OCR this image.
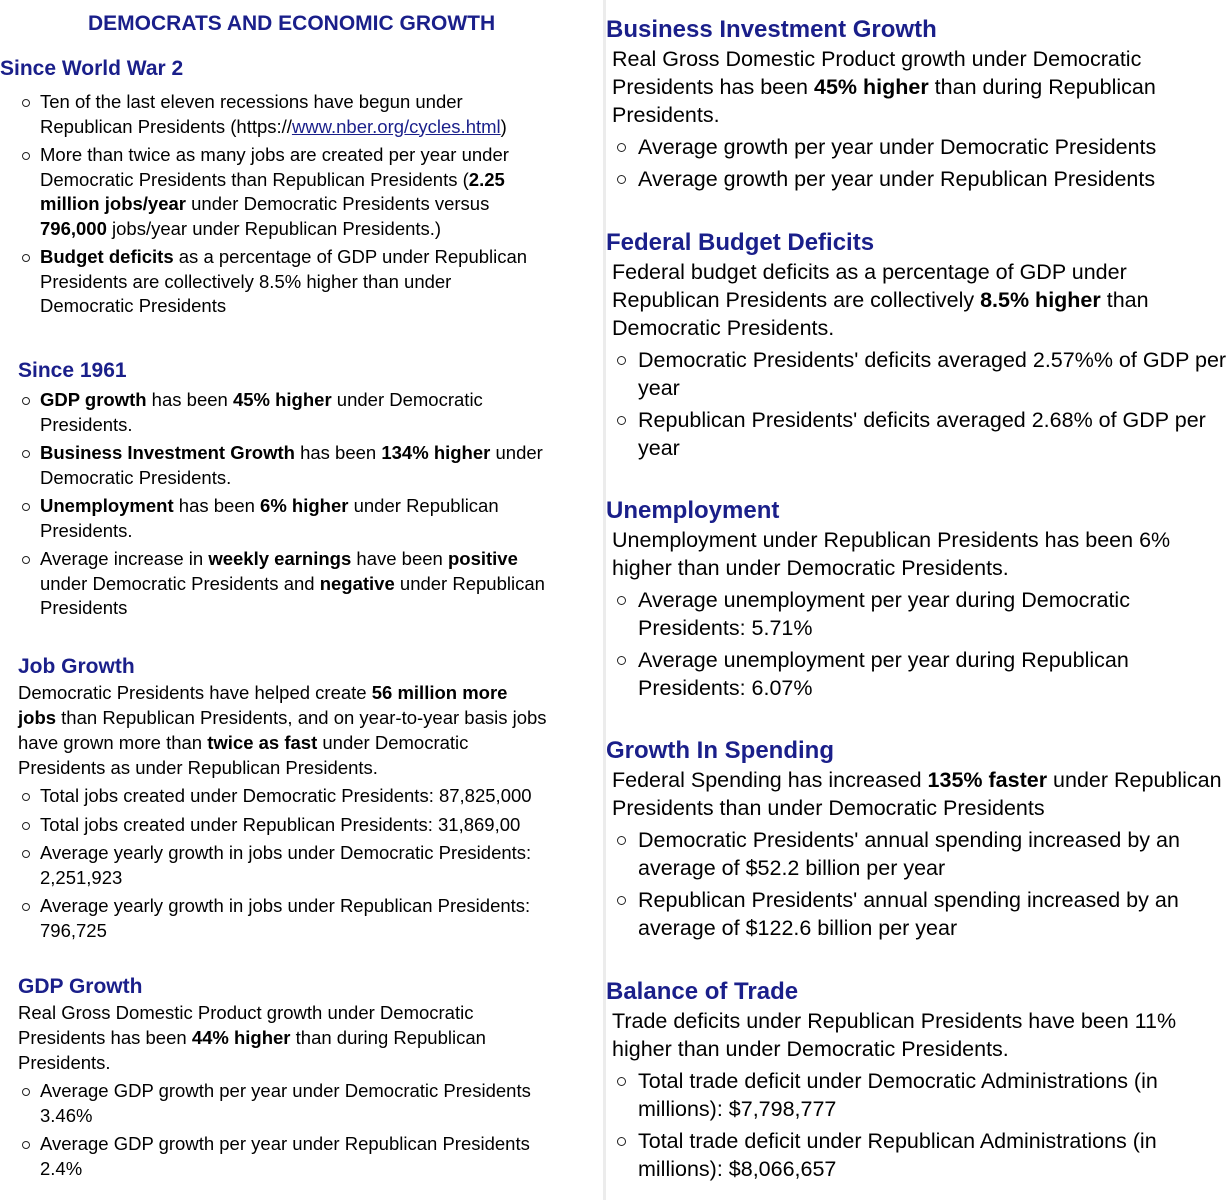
DEMOCRATS AND ECONOMIC GROWTH
Since World War 2
Ten of the last eleven recessions have begun under
Republican Presidents (https://www.nber.org/cycles.html)
More than twice as many jobs are created per year under
Democratic Presidents than Republican Presidents (2.25
million jobs/year under Democratic Presidents versus
796,000 jobs/year under Republican Presidents.)
Budget deficits as a percentage of GDP under Republican
Presidents are collectively 8.5% higher than under
Democratic Presidents
Since 1961
GDP growth has been 45% higher under Democratic
Presidents.
Business Investment Growth has been 134% higher under
Democratic Presidents.
Unemployment has been 6% higher under Republican
Presidents.
Average increase in weekly earnings have been positive
under Democratic Presidents and negative under Republican
Presidents
Job Growth

Democratic Presidents have helped create 56 million more
jobs than Republican Presidents, and on year-to-year basis jobs
have grown more than twice as fast under Democratic
Presidents as under Republican Presidents.

Total jobs created under Democratic Presidents: 87,825,000
Total jobs created under Republican Presidents: 31,869,00
Average yearly growth in jobs under Democratic Presidents:
2,251,923
Average yearly growth in jobs under Republican Presidents:
796,725
GDP Growth

Real Gross Domestic Product growth under Democratic
Presidents has been 44% higher than during Republican
Presidents.

Average GDP growth per year under Democratic Presidents
3.46%
Average GDP growth per year under Republican Presidents
2.4%
Business Investment Growth

Real Gross Domestic Product growth under Democratic
Presidents has been 45% higher than during Republican
Presidents.

Average growth per year under Democratic Presidents
Average growth per year under Republican Presidents
Federal Budget Deficits

Federal budget deficits as a percentage of GDP under
Republican Presidents are collectively 8.5% higher than
Democratic Presidents.

Democratic Presidents' deficits averaged 2.57%% of GDP per
year
Republican Presidents' deficits averaged 2.68% of GDP per
year
Unemployment

Unemployment under Republican Presidents has been 6%
higher than under Democratic Presidents.

Average unemployment per year during Democratic
Presidents: 5.71%
Average unemployment per year during Republican
Presidents: 6.07%
Growth In Spending

Federal Spending has increased 135% faster under Republican
Presidents than under Democratic Presidents

Democratic Presidents' annual spending increased by an
average of $52.2 billion per year
Republican Presidents' annual spending increased by an
average of $122.6 billion per year
Balance of Trade

Trade deficits under Republican Presidents have been 11%
higher than under Democratic Presidents.

Total trade deficit under Democratic Administrations (in
millions): $7,798,777
Total trade deficit under Republican Administrations (in
millions): $8,066,657
